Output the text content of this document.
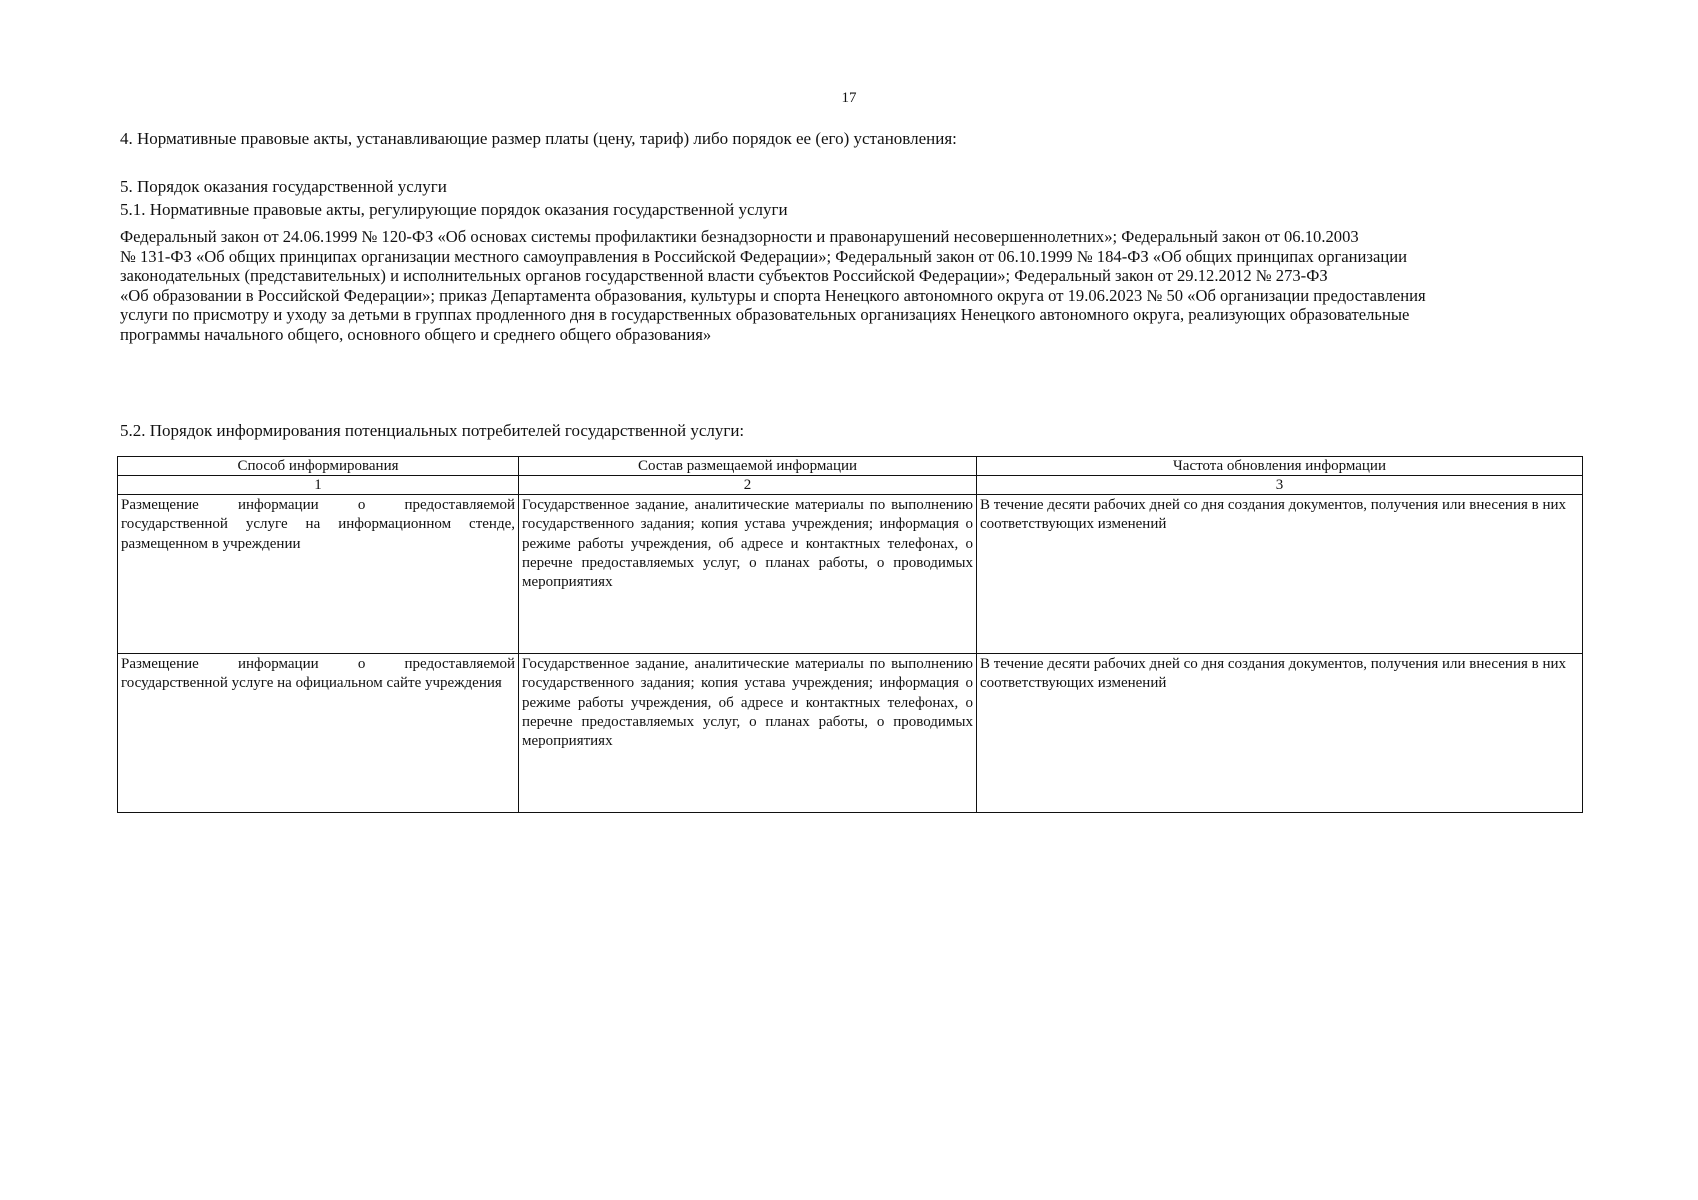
17
4. Нормативные правовые акты, устанавливающие размер платы (цену, тариф) либо порядок ее (его) установления:
5. Порядок оказания государственной услуги
5.1. Нормативные правовые акты, регулирующие порядок оказания государственной услуги
Федеральный закон от 24.06.1999 № 120-ФЗ «Об основах системы профилактики безнадзорности и правонарушений несовершеннолетних»; Федеральный закон от 06.10.2003
№ 131-ФЗ «Об общих принципах организации местного самоуправления в Российской Федерации»; Федеральный закон от 06.10.1999 № 184-ФЗ «Об общих принципах организации
законодательных (представительных) и исполнительных органов государственной власти субъектов Российской Федерации»; Федеральный закон от 29.12.2012 № 273-ФЗ
«Об образовании в Российской Федерации»; приказ Департамента образования, культуры и спорта Ненецкого автономного округа от 19.06.2023 № 50 «Об организации предоставления
услуги по присмотру и уходу за детьми в группах продленного дня в государственных образовательных организациях Ненецкого автономного округа, реализующих образовательные
программы начального общего, основного общего и среднего общего образования»
5.2. Порядок информирования потенциальных потребителей государственной услуги:
Способ информирования	Состав размещаемой информации	Частота обновления информации
1	2	3
Размещение информации о предоставляемой государственной услуге на информационном стенде, размещенном в учреждении	Государственное задание, аналитические материалы по выполнению государственного задания; копия устава учреждения; информация о режиме работы учреждения, об адресе и контактных телефонах, о перечне предоставляемых услуг, о планах работы, о проводимых мероприятиях	В течение десяти рабочих дней со дня создания документов, получения или внесения в них соответствующих изменений
Размещение информации о предоставляемой государственной услуге на официальном сайте учреждения	Государственное задание, аналитические материалы по выполнению государственного задания; копия устава учреждения; информация о режиме работы учреждения, об адресе и контактных телефонах, о перечне предоставляемых услуг, о планах работы, о проводимых мероприятиях	В течение десяти рабочих дней со дня создания документов, получения или внесения в них соответствующих изменений
